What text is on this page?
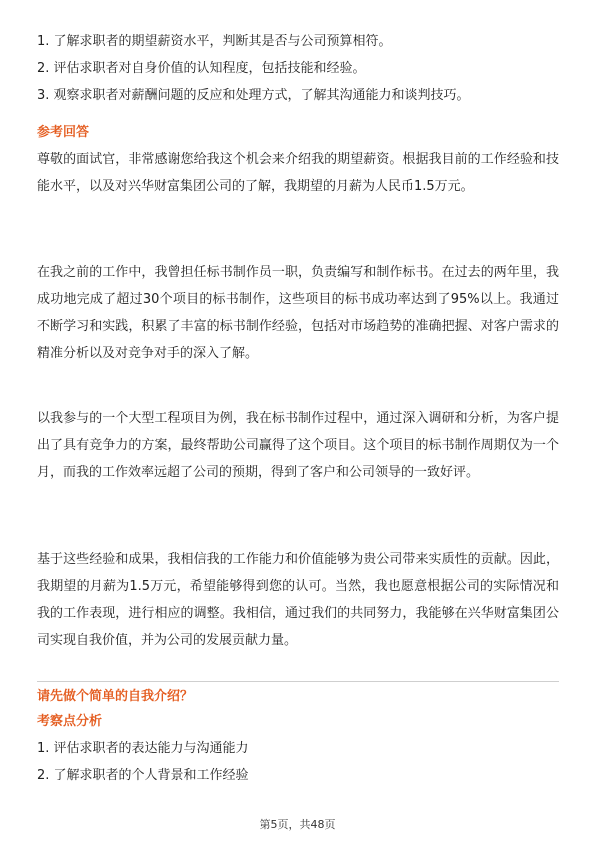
1. 了解求职者的期望薪资水平，判断其是否与公司预算相符。
2. 评估求职者对自身价值的认知程度，包括技能和经验。
3. 观察求职者对薪酬问题的反应和处理方式，了解其沟通能力和谈判技巧。
参考回答
尊敬的面试官，非常感谢您给我这个机会来介绍我的期望薪资。根据我目前的工作经验和技能水平，以及对兴华财富集团公司的了解，我期望的月薪为人民币1.5万元。
在我之前的工作中，我曾担任标书制作员一职，负责编写和制作标书。在过去的两年里，我成功地完成了超过30个项目的标书制作，这些项目的标书成功率达到了95%以上。我通过不断学习和实践，积累了丰富的标书制作经验，包括对市场趋势的准确把握、对客户需求的精准分析以及对竞争对手的深入了解。
以我参与的一个大型工程项目为例，我在标书制作过程中，通过深入调研和分析，为客户提出了具有竞争力的方案，最终帮助公司赢得了这个项目。这个项目的标书制作周期仅为一个月，而我的工作效率远超了公司的预期，得到了客户和公司领导的一致好评。
基于这些经验和成果，我相信我的工作能力和价值能够为贵公司带来实质性的贡献。因此，我期望的月薪为1.5万元，希望能够得到您的认可。当然，我也愿意根据公司的实际情况和我的工作表现，进行相应的调整。我相信，通过我们的共同努力，我能够在兴华财富集团公司实现自我价值，并为公司的发展贡献力量。
请先做个简单的自我介绍？
考察点分析
1. 评估求职者的表达能力与沟通能力
2. 了解求职者的个人背景和工作经验
第5页，共48页
